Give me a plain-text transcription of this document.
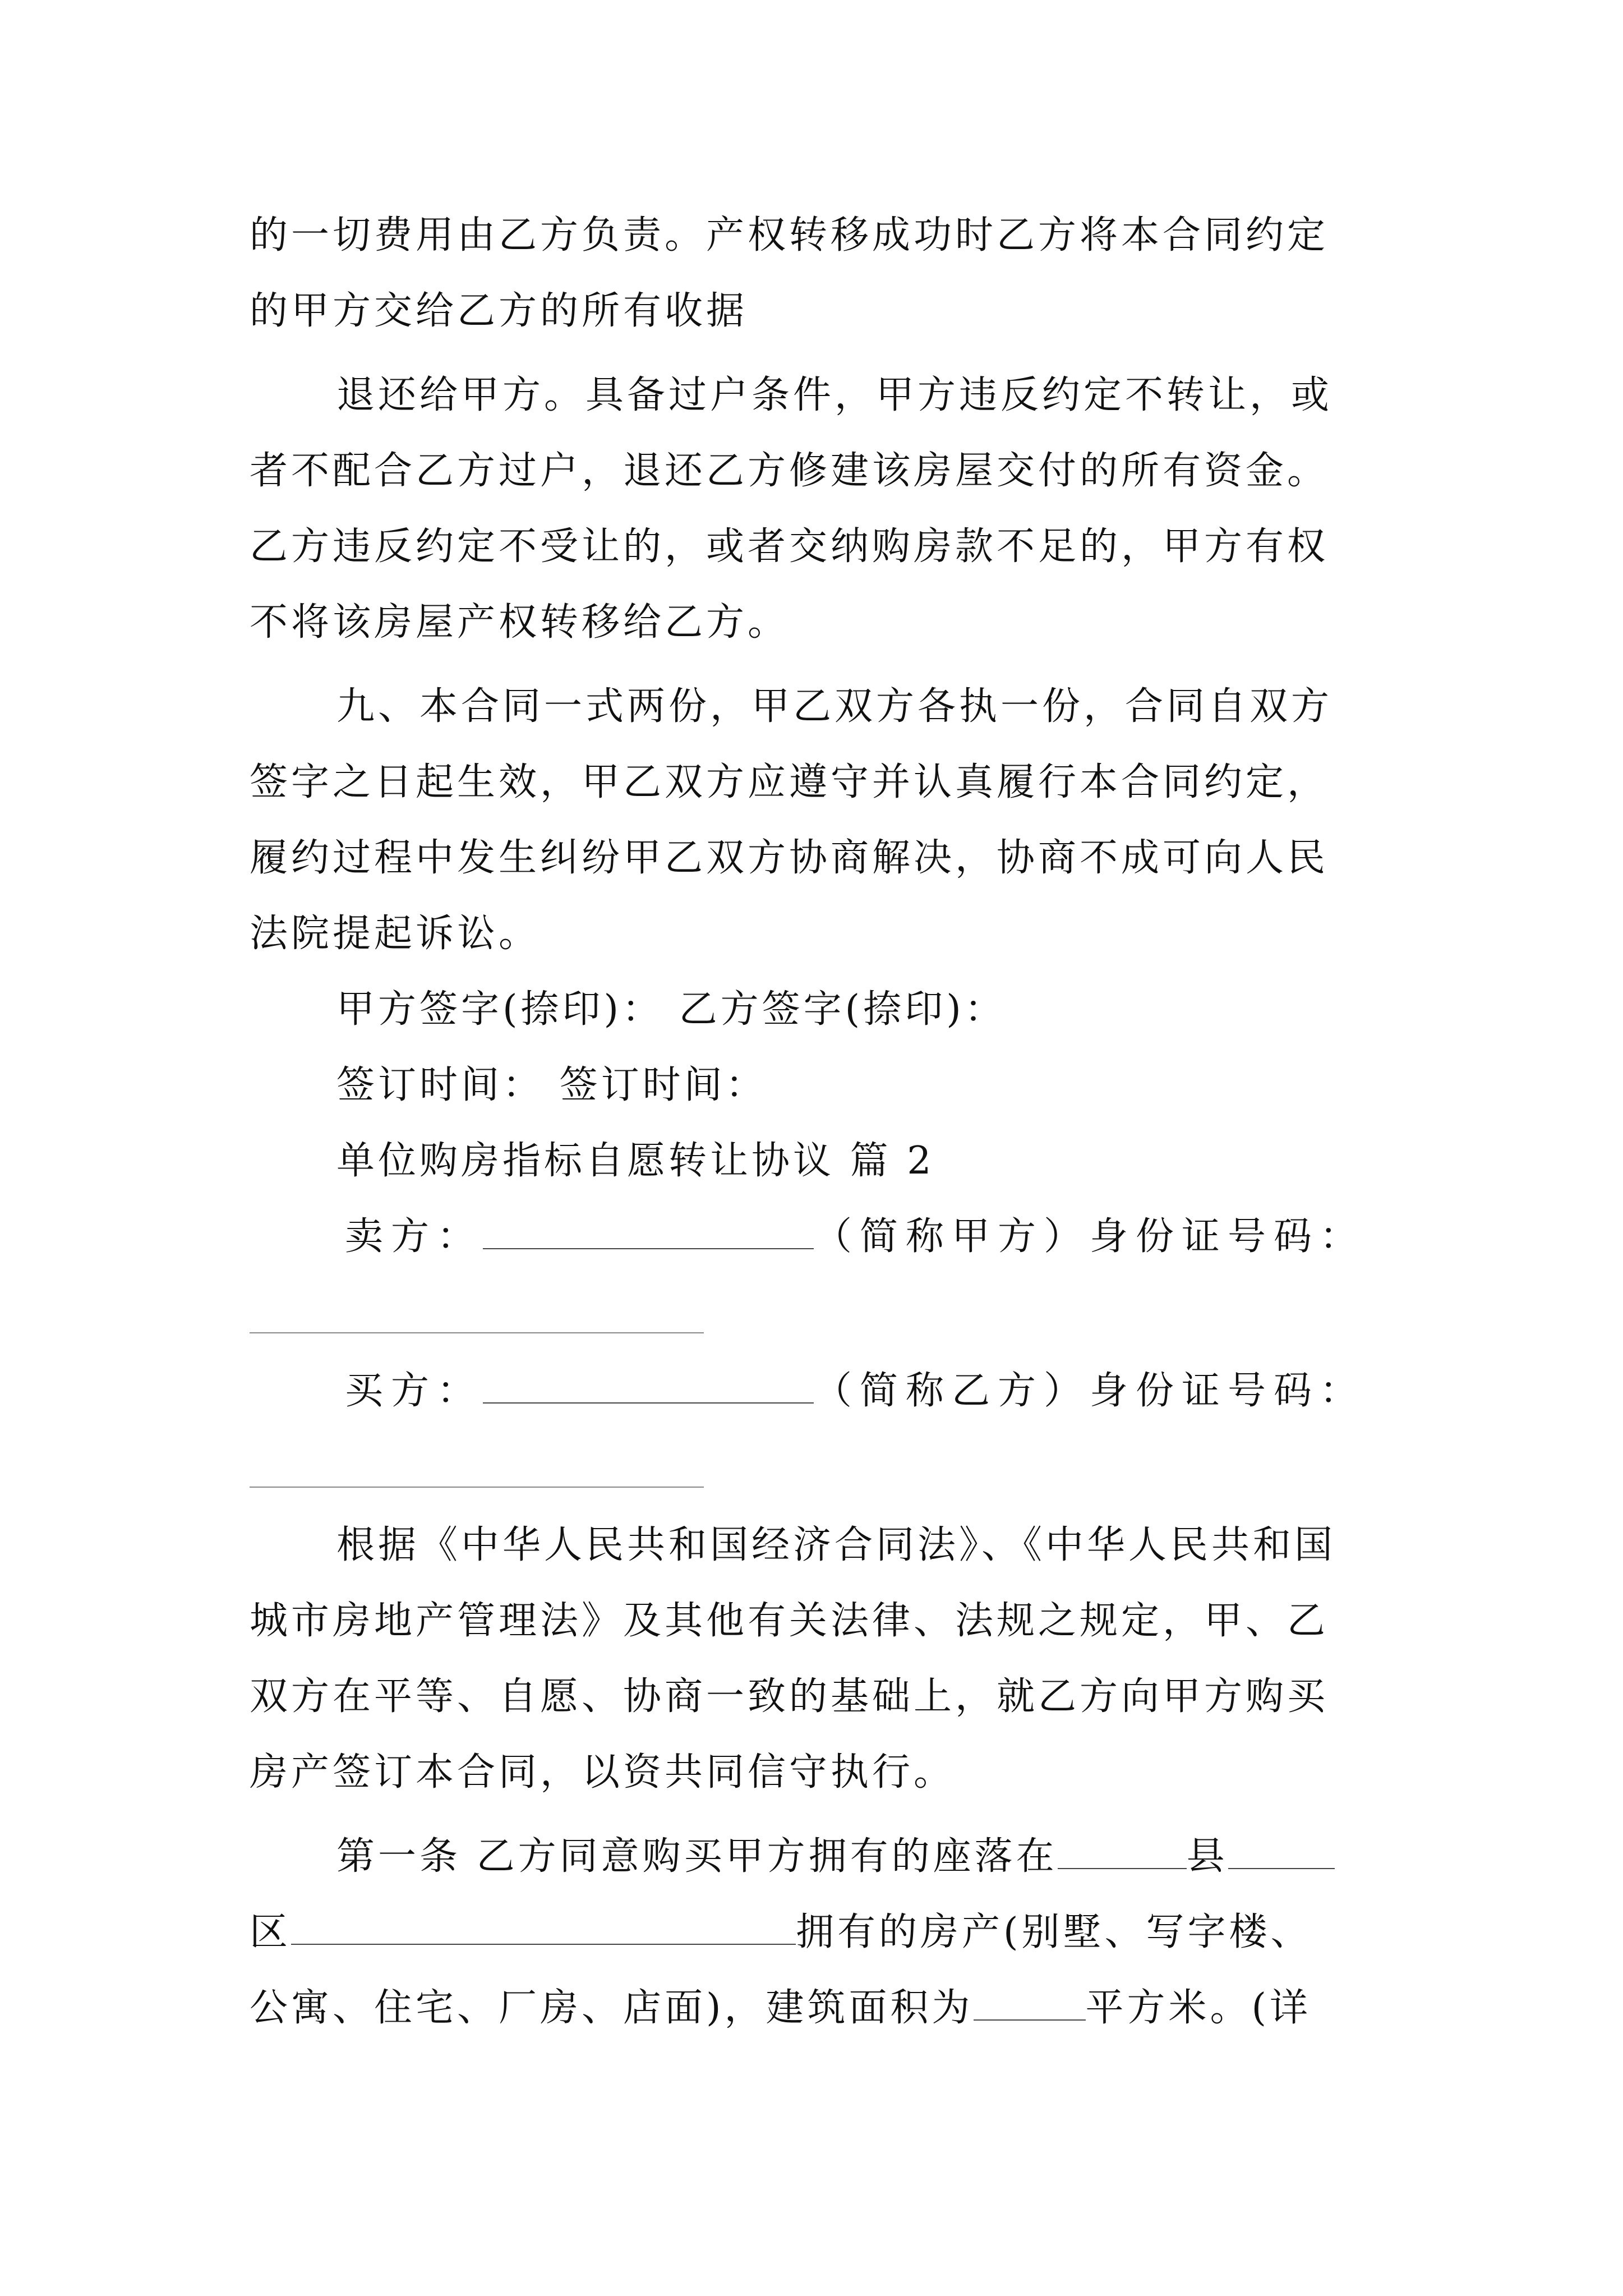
的一切费用由乙方负责。产权转移成功时乙方将本合同约定
的甲方交给乙方的所有收据
退还给甲方。具备过户条件，甲方违反约定不转让，或
者不配合乙方过户，退还乙方修建该房屋交付的所有资金。
乙方违反约定不受让的，或者交纳购房款不足的，甲方有权
不将该房屋产权转移给乙方。
九、本合同一式两份，甲乙双方各执一份，合同自双方
签字之日起生效，甲乙双方应遵守并认真履行本合同约定，
履约过程中发生纠纷甲乙双方协商解决，协商不成可向人民
法院提起诉讼。
甲方签字(捺印)： 乙方签字(捺印)：
签订时间： 签订时间：
单位购房指标自愿转让协议 篇 2
卖方：	（简称甲方）身份证号码：
买方：	（简称乙方）身份证号码：
根据《中华人民共和国经济合同法》、《中华人民共和国
城市房地产管理法》及其他有关法律、法规之规定，甲、乙
双方在平等、自愿、协商一致的基础上，就乙方向甲方购买
房产签订本合同，以资共同信守执行。
第一条 乙方同意购买甲方拥有的座落在	县
区	拥有的房产(别墅、写字楼、
公寓、住宅、厂房、店面)，建筑面积为	平方米。(详
